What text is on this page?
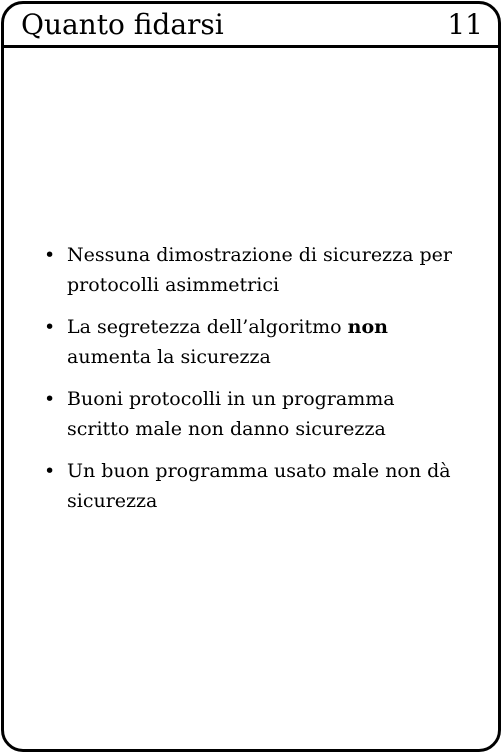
Quanto fidarsi	11
• Nessuna dimostrazione di sicurezza per protocolli asimmetrici
• La segretezza dell’algoritmo non aumenta la sicurezza
• Buoni protocolli in un programma scritto male non danno sicurezza
• Un buon programma usato male non dà sicurezza
